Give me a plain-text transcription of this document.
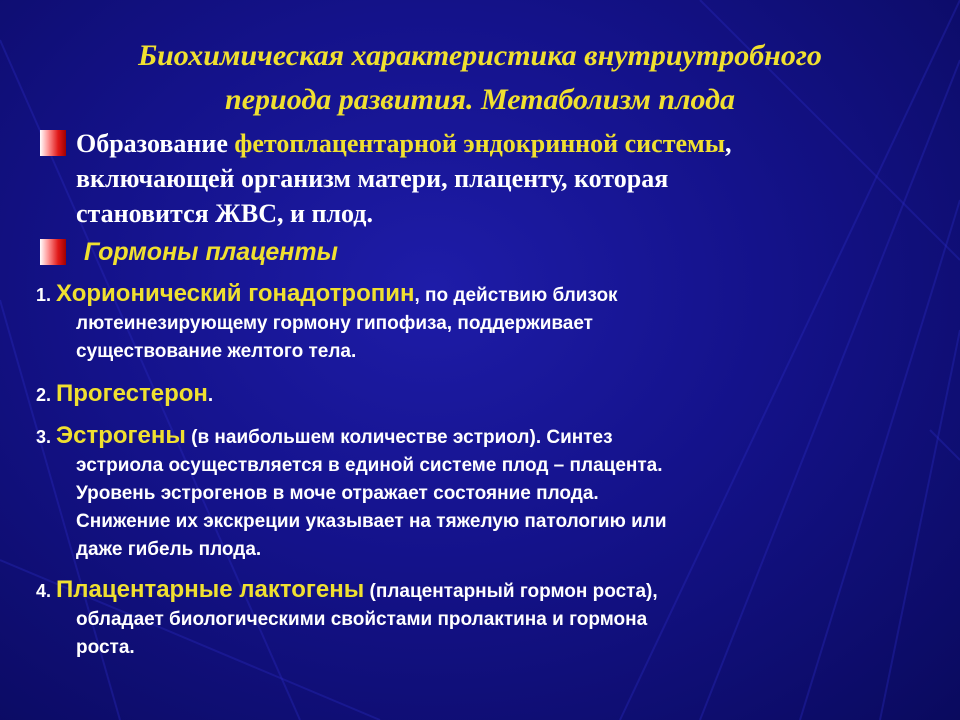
Биохимическая характеристика внутриутробного
периода развития. Метаболизм плода
Образование фетоплацентарной эндокринной системы,
включающей организм матери, плаценту, которая
становится ЖВС, и плод.
Гормоны плаценты
1. Хорионический гонадотропин, по действию близок
лютеинезирующему гормону гипофиза, поддерживает
существование желтого тела.
2. Прогестерон.
3. Эстрогены (в наибольшем количестве эстриол). Синтез
эстриола осуществляется в единой системе плод – плацента.
Уровень эстрогенов в моче отражает состояние плода.
Снижение их экскреции указывает на тяжелую патологию или
даже гибель плода.
4. Плацентарные лактогены (плацентарный гормон роста),
обладает биологическими свойстами пролактина и гормона
роста.
